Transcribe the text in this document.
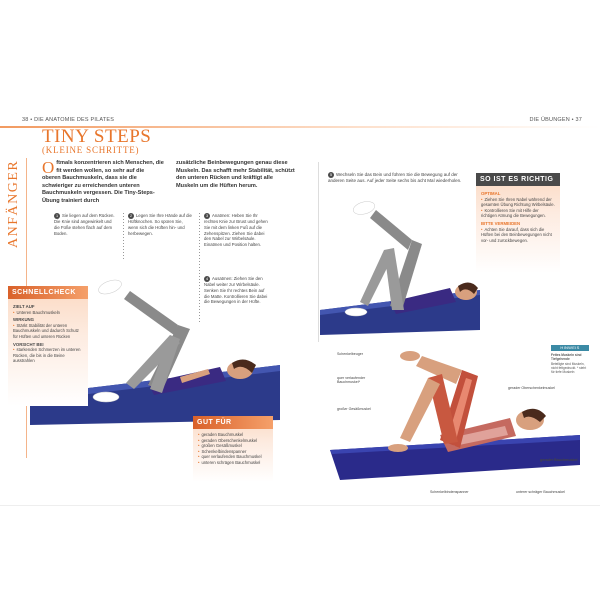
38 • DIE ANATOMIE DES PILATES	DIE ÜBUNGEN • 37
TINY STEPS
(KLEINE SCHRITTE)
ANFÄNGER Oftmals konzentrieren sich Menschen, die fit werden wollen, so sehr auf die oberen Bauchmuskeln, dass sie die schwieriger zu erreichenden unteren Bauchmuskeln vergessen. Die Tiny-Steps-Übung trainiert durch
zusätzliche Beinbewegungen genau diese Muskeln. Das schafft mehr Stabilität, schützt den unteren Rücken und kräftigt alle Muskeln um die Hüften herum.
1 Sie liegen auf dem Rücken. Die Knie sind angewinkelt und die Füße stehen flach auf dem Boden.
2 Legen Sie Ihre Hände auf die Hüftknochen. So spüren Sie, wenn sich die Hüften hin- und herbewegen.
3 Anatmen: Heben Sie Ihr rechtes Knie zur Brust und gehen Sie mit dem linken Fuß auf die Zehenspitzen. Ziehen Sie dabei den Nabel zur Wirbelsäule. Einatmen und Position halten.
4 Ausatmen: Ziehen Sie den Nabel weiter zur Wirbelsäule. Senken Sie Ihr rechtes Bein auf die Matte. Kontrollieren Sie dabei die Bewegungen in der Hüfte.
SCHNELLCHECK
ZIELT AUF
• Unteren Bauchmuskeln
WIRKUNG
• Stärkt Stabilität der unteren Bauchmuskeln und dadurch Schutz für Hüften und unteren Rücken
VORSICHT BEI
• starkenden Schmerzen im unteren Rücken, die bis in die Beine ausstrahlen
GUT FÜR
• geraden Bauchmuskel
• geraden Oberschenkelmuskel
• großen Gesäßmuskel
• Schenkelbindenspanner
• quer verlaufenden Bauchmuskel
• unteren schrägen Bauchmuskel
5 Wechseln Sie das Bein und führen Sie die Bewegung auf der anderen Seite aus. Auf jeder Seite sechs bis acht Mal wiederholen.	SO IST ES RICHTIG
OPTIMAL
• Ziehen Sie Ihren Nabel während der gesamten Übung Richtung Wirbelsäule.
• Kontrollieren Sie mit Hilfe der richtigen Atmung die Bewegungen.
BITTE VERMEIDEN
• Achten Sie darauf, dass sich die Hüften bei den Beinbewegungen nicht vor- und zurückbewegen.
Schenkelbeuger
quer verlaufender Bauchmuskel*
großer Gesäßmuskel
gerader Oberschenkelmuskel
gerader Bauchmuskel
Schenkelbindenspanner	unterer schräger Bauchmuskel
HINWEIS
Fettes Muskeln sind Tiefgehende
Beteiligte sind Muskeln, nicht fettgedruckt. * steht für tiefe Muskeln
